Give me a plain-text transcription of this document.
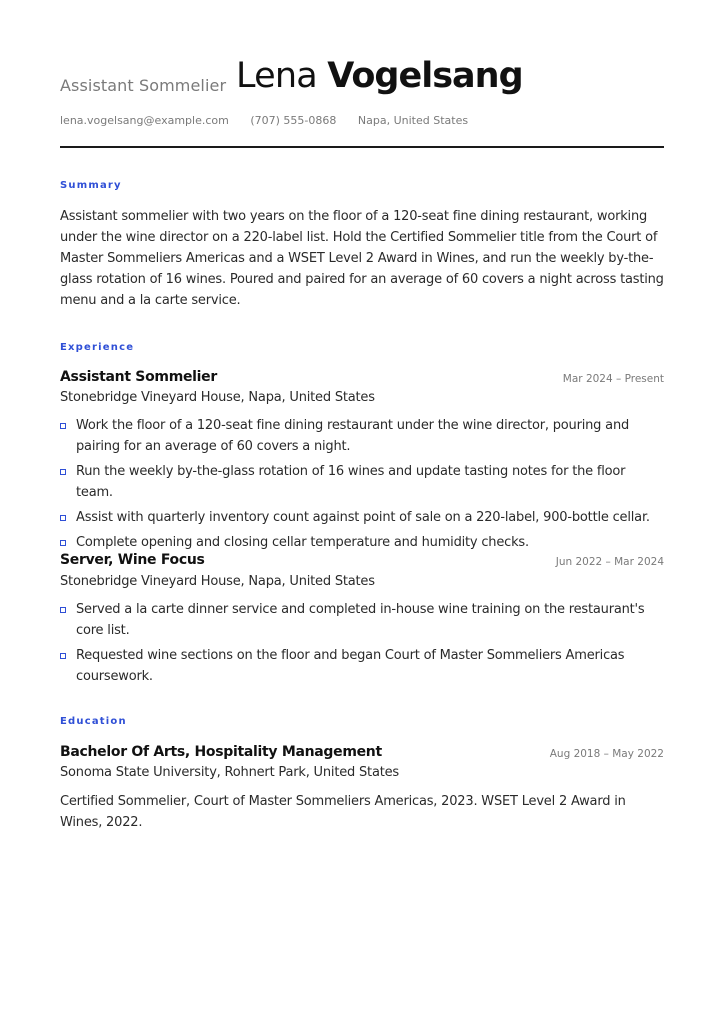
Assistant Sommelier Lena Vogelsang
lena.vogelsang@example.com (707) 555-0868 Napa, United States
Summary

Assistant sommelier with two years on the floor of a 120-seat fine dining restaurant, working under the wine director on a 220-label list. Hold the Certified Sommelier title from the Court of Master Sommeliers Americas and a WSET Level 2 Award in Wines, and run the weekly by-the-glass rotation of 16 wines. Poured and paired for an average of 60 covers a night across tasting menu and a la carte service.

Experience
Assistant Sommelier	Mar 2024 – Present
Stonebridge Vineyard House, Napa, United States
Work the floor of a 120-seat fine dining restaurant under the wine director, pouring and pairing for an average of 60 covers a night.
Run the weekly by-the-glass rotation of 16 wines and update tasting notes for the floor team.
Assist with quarterly inventory count against point of sale on a 220-label, 900-bottle cellar.
Complete opening and closing cellar temperature and humidity checks.
Server, Wine Focus	Jun 2022 – Mar 2024
Stonebridge Vineyard House, Napa, United States
Served a la carte dinner service and completed in-house wine training on the restaurant's core list.
Requested wine sections on the floor and began Court of Master Sommeliers Americas coursework.
Education
Bachelor Of Arts, Hospitality Management	Aug 2018 – May 2022
Sonoma State University, Rohnert Park, United States

Certified Sommelier, Court of Master Sommeliers Americas, 2023. WSET Level 2 Award in Wines, 2022.
